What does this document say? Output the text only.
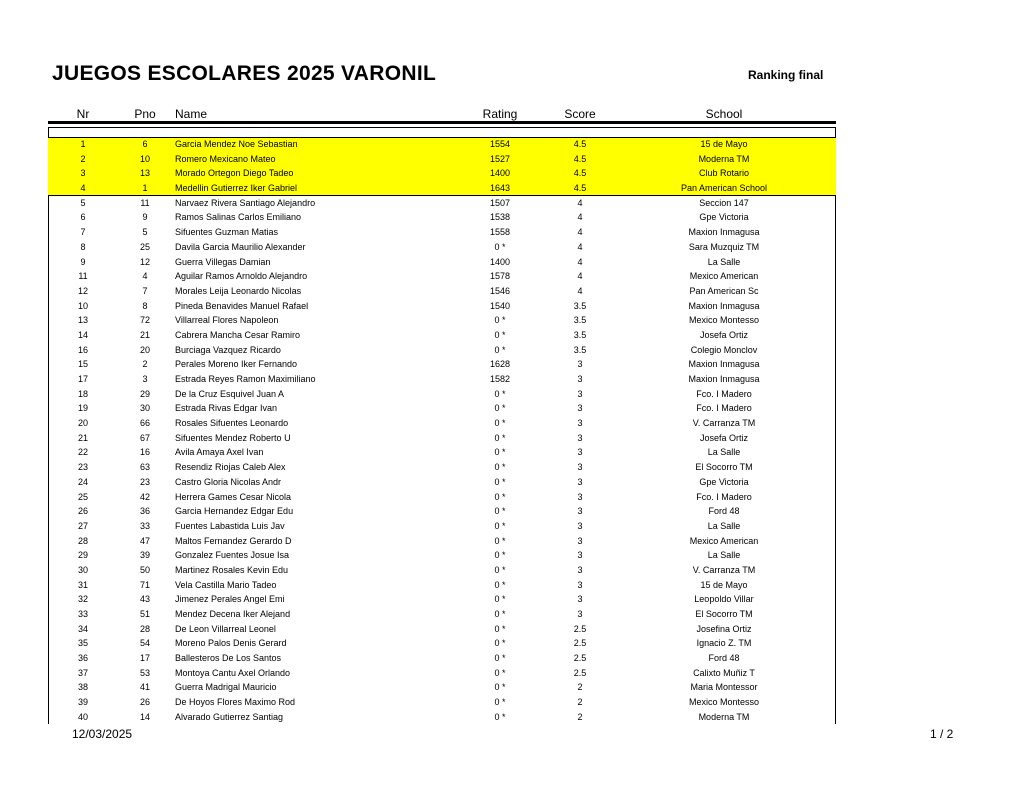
JUEGOS ESCOLARES 2025 VARONIL	Ranking final
Nr	Pno	Name	Rating	Score	School
1	6	Garcia Mendez Noe Sebastian	1554	4.5	15 de Mayo
2	10	Romero Mexicano Mateo	1527	4.5	Moderna TM
3	13	Morado Ortegon Diego Tadeo	1400	4.5	Club Rotario
4	1	Medellin Gutierrez Iker Gabriel	1643	4.5	Pan American School
5	11	Narvaez Rivera Santiago Alejandro	1507	4	Seccion 147
6	9	Ramos Salinas Carlos Emiliano	1538	4	Gpe Victoria
7	5	Sifuentes Guzman Matias	1558	4	Maxion Inmagusa
8	25	Davila Garcia Maurilio Alexander	0 *	4	Sara Muzquiz TM
9	12	Guerra Villegas Damian	1400	4	La Salle
11	4	Aguilar Ramos Arnoldo Alejandro	1578	4	Mexico American
12	7	Morales Leija Leonardo Nicolas	1546	4	Pan American Sc
10	8	Pineda Benavides Manuel Rafael	1540	3.5	Maxion Inmagusa
13	72	Villarreal Flores Napoleon	0 *	3.5	Mexico Montesso
14	21	Cabrera Mancha Cesar Ramiro	0 *	3.5	Josefa Ortiz
16	20	Burciaga Vazquez Ricardo	0 *	3.5	Colegio Monclov
15	2	Perales Moreno Iker Fernando	1628	3	Maxion Inmagusa
17	3	Estrada Reyes Ramon Maximiliano	1582	3	Maxion Inmagusa
18	29	De la Cruz Esquivel Juan A	0 *	3	Fco. I Madero
19	30	Estrada Rivas Edgar Ivan	0 *	3	Fco. I Madero
20	66	Rosales Sifuentes Leonardo	0 *	3	V. Carranza TM
21	67	Sifuentes Mendez Roberto U	0 *	3	Josefa Ortiz
22	16	Avila Amaya Axel Ivan	0 *	3	La Salle
23	63	Resendiz Riojas Caleb Alex	0 *	3	El Socorro TM
24	23	Castro Gloria Nicolas Andr	0 *	3	Gpe Victoria
25	42	Herrera Games Cesar Nicola	0 *	3	Fco. I Madero
26	36	Garcia Hernandez Edgar Edu	0 *	3	Ford 48
27	33	Fuentes Labastida Luis Jav	0 *	3	La Salle
28	47	Maltos Fernandez Gerardo D	0 *	3	Mexico American
29	39	Gonzalez Fuentes Josue Isa	0 *	3	La Salle
30	50	Martinez Rosales Kevin Edu	0 *	3	V. Carranza TM
31	71	Vela Castilla Mario Tadeo	0 *	3	15 de Mayo
32	43	Jimenez Perales Angel Emi	0 *	3	Leopoldo Villar
33	51	Mendez Decena Iker Alejand	0 *	3	El Socorro TM
34	28	De Leon Villarreal Leonel	0 *	2.5	Josefina Ortiz
35	54	Moreno Palos Denis Gerard	0 *	2.5	Ignacio Z. TM
36	17	Ballesteros De Los Santos	0 *	2.5	Ford 48
37	53	Montoya Cantu Axel Orlando	0 *	2.5	Calixto Muñiz T
38	41	Guerra Madrigal Mauricio	0 *	2	Maria Montessor
39	26	De Hoyos Flores Maximo Rod	0 *	2	Mexico Montesso
40	14	Alvarado Gutierrez Santiag	0 *	2	Moderna TM
12/03/2025	1 / 2
